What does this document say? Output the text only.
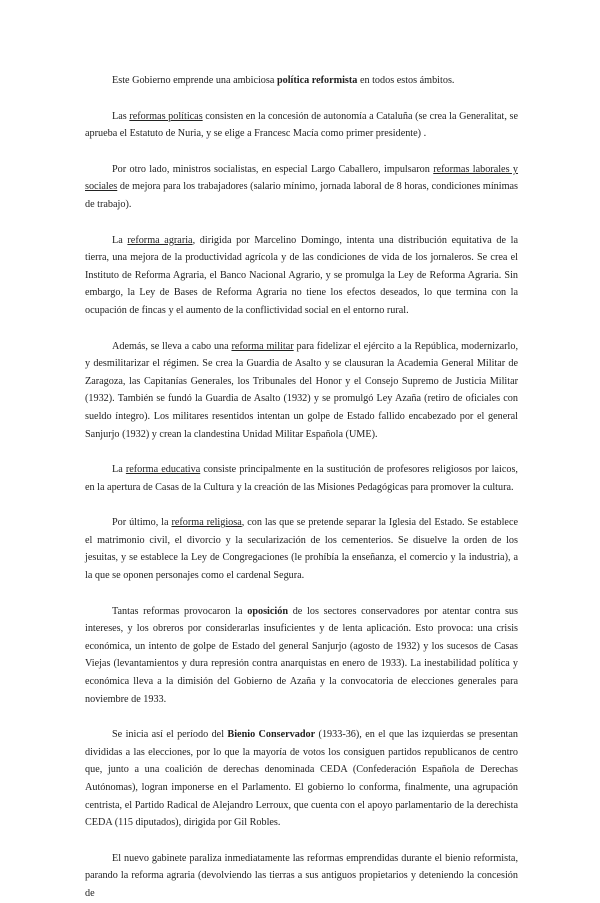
Este Gobierno emprende una ambiciosa política reformista en todos estos ámbitos.

Las reformas políticas consisten en la concesión de autonomía a Cataluña (se crea la Generalitat, se aprueba el Estatuto de Nuria, y se elige a Francesc Macía como primer presidente) .

Por otro lado, ministros socialistas, en especial Largo Caballero, impulsaron reformas laborales y sociales de mejora para los trabajadores (salario mínimo, jornada laboral de 8 horas, condiciones mínimas de trabajo).

La reforma agraria, dirigida por Marcelino Domingo, intenta una distribución equitativa de la tierra, una mejora de la productividad agrícola y de las condiciones de vida de los jornaleros. Se crea el Instituto de Reforma Agraria, el Banco Nacional Agrario, y se promulga la Ley de Reforma Agraria. Sin embargo, la Ley de Bases de Reforma Agraria no tiene los efectos deseados, lo que termina con la ocupación de fincas y el aumento de la conflictividad social en el entorno rural.

Además, se lleva a cabo una reforma militar para fidelizar el ejército a la República, modernizarlo, y desmilitarizar el régimen. Se crea la Guardia de Asalto y se clausuran la Academia General Militar de Zaragoza, las Capitanías Generales, los Tribunales del Honor y el Consejo Supremo de Justicia Militar (1932). También se fundó la Guardia de Asalto (1932) y se promulgó Ley Azaña (retiro de oficiales con sueldo íntegro). Los militares resentidos intentan un golpe de Estado fallido encabezado por el general Sanjurjo (1932) y crean la clandestina Unidad Militar Española (UME).

La reforma educativa consiste principalmente en la sustitución de profesores religiosos por laicos, en la apertura de Casas de la Cultura y la creación de las Misiones Pedagógicas para promover la cultura.

Por último, la reforma religiosa, con las que se pretende separar la Iglesia del Estado. Se establece el matrimonio civil, el divorcio y la secularización de los cementerios. Se disuelve la orden de los jesuitas, y se establece la Ley de Congregaciones (le prohíbía la enseñanza, el comercio y la industria), a la que se oponen personajes como el cardenal Segura.

Tantas reformas provocaron la oposición de los sectores conservadores por atentar contra sus intereses, y los obreros por considerarlas insuficientes y de lenta aplicación. Esto provoca: una crisis económica, un intento de golpe de Estado del general Sanjurjo (agosto de 1932) y los sucesos de Casas Viejas (levantamientos y dura represión contra anarquistas en enero de 1933). La inestabilidad política y económica lleva a la dimisión del Gobierno de Azaña y la convocatoria de elecciones generales para noviembre de 1933.

Se inicia así el período del Bienio Conservador (1933-36), en el que las izquierdas se presentan divididas a las elecciones, por lo que la mayoría de votos los consiguen partidos republicanos de centro que, junto a una coalición de derechas denominada CEDA (Confederación Española de Derechas Autónomas), logran imponerse en el Parlamento. El gobierno lo conforma, finalmente, una agrupación centrista, el Partido Radical de Alejandro Lerroux, que cuenta con el apoyo parlamentario de la derechista CEDA (115 diputados), dirigida por Gil Robles.

El nuevo gabinete paraliza inmediatamente las reformas emprendidas durante el bienio reformista, parando la reforma agraria (devolviendo las tierras a sus antiguos propietarios y deteniendo la concesión de
